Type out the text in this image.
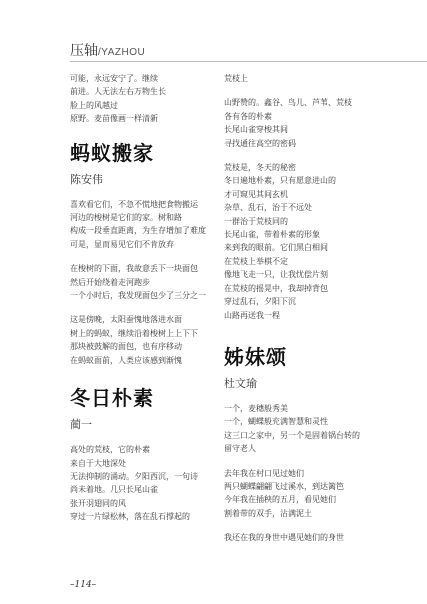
压轴/YAZHOU
可能，永远安宁了。继续
前进。人无法左右万物生长
脸上的风越过
原野。麦苗像画一样清新
蚂蚁搬家
陈安伟
喜欢看它们，不急不慌地把食物搬运
河边的梭树是它们的家。树和路
构成一段垂直距离，为生存增加了难度
可是，显而易见它们不肯放弃
在梭树的下面，我故意丢下一块面包
然后开始绕着走河跑步
一个小时后，我发现面包少了三分之一
这是傍晚，太阳蚕愧地落进水面
树上的蚂蚁，继续沿着梭树上上下下
那块被鼓解的面包，也有序移动
在蚂蚁面前，人类应该感到渐愧
冬日朴素
蔺一
高处的荒枝，它的朴素
来自于大地深处
无法抑制的涌动。夕阳西沉，一句诗
尚未着地。几只长尾山雀
张开羽翅同的风
穿过一片绿松林，落在乱石撑起的
荒枝上
山野赞的。鑫谷、鸟儿、芦苇、荒枝
各有各的朴素
长尾山雀穿梭其间
寻找通往高空的密码
荒枝是，冬天的秘密
冬日遍地朴素，只有愿意进山的
才可窥见其间玄机
杂草、乱石，治于不远处
一群治于荒枝同的
长尾山雀，带着朴素的形象
来到我的眼前。它们黑白相间
在荒枝上举棋不定
像地飞走一只，让我忧偿片刻
在荒枝的摇晃中，我却掉背包
穿过乱石，夕阳下沉
山路再送我一程
姊妹颂
杜文瑜
一个，麦穗般秀美
一个，蝴蝶般充满智慧和灵性
这三口之家中，另一个是固着锅台转的
留守老人
去年我在村口见过她们
两只蝴蝶翩翩飞过溪水，到达篱笆
今年我在插秧的五月，看见她们
割着带的双手，沾满泥土
我还在我的身世中遇见她们的身世
–114–
